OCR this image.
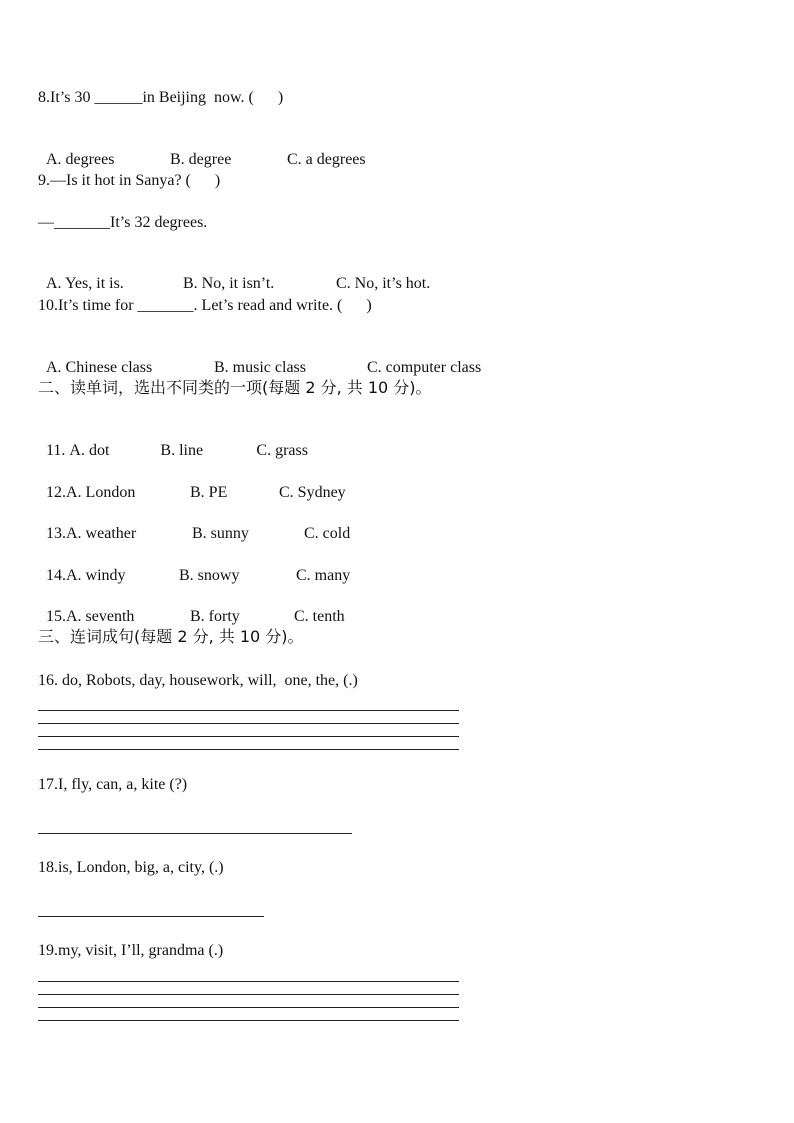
8.It’s 30 ______in Beijing  now. (      )

A. degrees	B. degree	C. a degrees

9.—Is it hot in Sanya? (      )
—_______It’s 32 degrees.

A. Yes, it is.	B. No, it isn’t.	C. No, it’s hot.

10.It’s time for _______. Let’s read and write. (      )

A. Chinese class	B. music class	C. computer class

二、读单词，选出不同类的一项(每题 2 分, 共 10 分)。

11. A. dot	B. line	C. grass

12.A. London	B. PE	C. Sydney

13.A. weather	B. sunny	C. cold

14.A. windy	B. snowy	C. many

15.A. seventh	B. forty	C. tenth

三、连词成句(每题 2 分, 共 10 分)。
16. do, Robots, day, housework, will,  one, the, (.)
17.I, fly, can, a, kite (?)
18.is, London, big, a, city, (.)
19.my, visit, I’ll, grandma (.)
